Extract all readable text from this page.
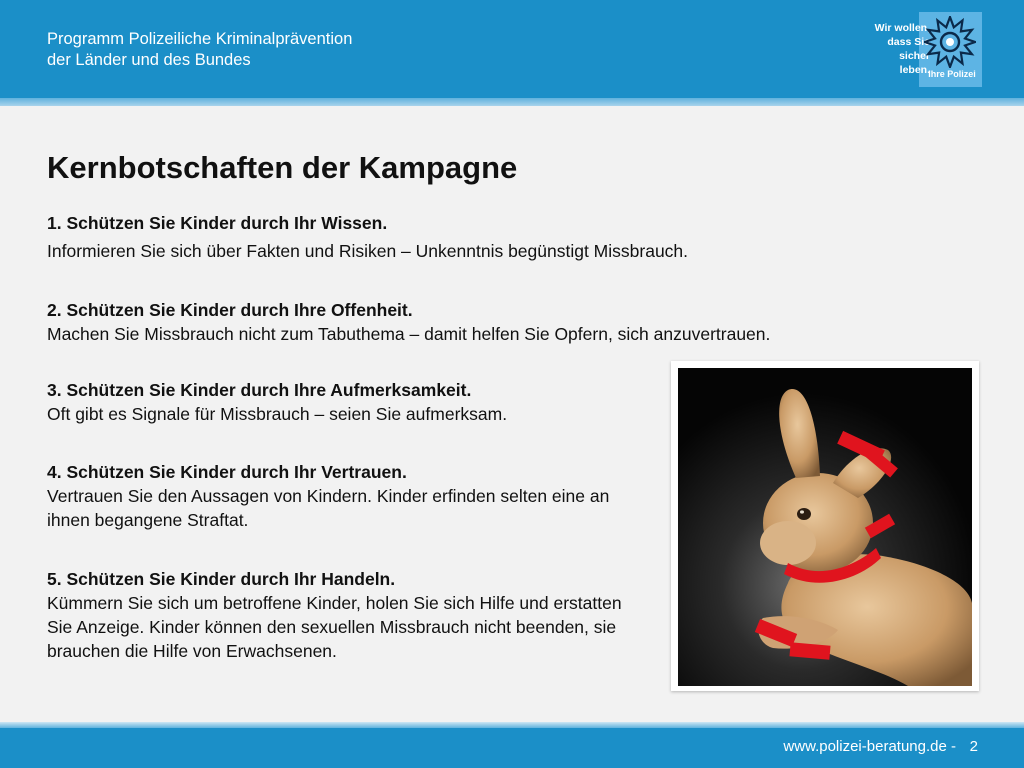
Programm Polizeiliche Kriminalprävention
der Länder und des Bundes
Wir wollen,
dass Sie
sicher leben.
Ihre Polizei
Kernbotschaften der Kampagne
1. Schützen Sie Kinder durch Ihr Wissen.
Informieren Sie sich über Fakten und Risiken – Unkenntnis begünstigt Missbrauch.
2. Schützen Sie Kinder durch Ihre Offenheit.
Machen Sie Missbrauch nicht zum Tabuthema – damit helfen Sie Opfern, sich anzuvertrauen.
3. Schützen Sie Kinder durch Ihre Aufmerksamkeit.
Oft gibt es Signale für Missbrauch – seien Sie aufmerksam.
4. Schützen Sie Kinder durch Ihr Vertrauen.
Vertrauen Sie den Aussagen von Kindern. Kinder erfinden selten eine an ihnen begangene Straftat.
5. Schützen Sie Kinder durch Ihr Handeln.
Kümmern Sie sich um betroffene Kinder, holen Sie sich Hilfe und erstatten Sie Anzeige. Kinder können den sexuellen Missbrauch nicht beenden, sie brauchen die Hilfe von Erwachsenen.
www.polizei-beratung.de - 2
